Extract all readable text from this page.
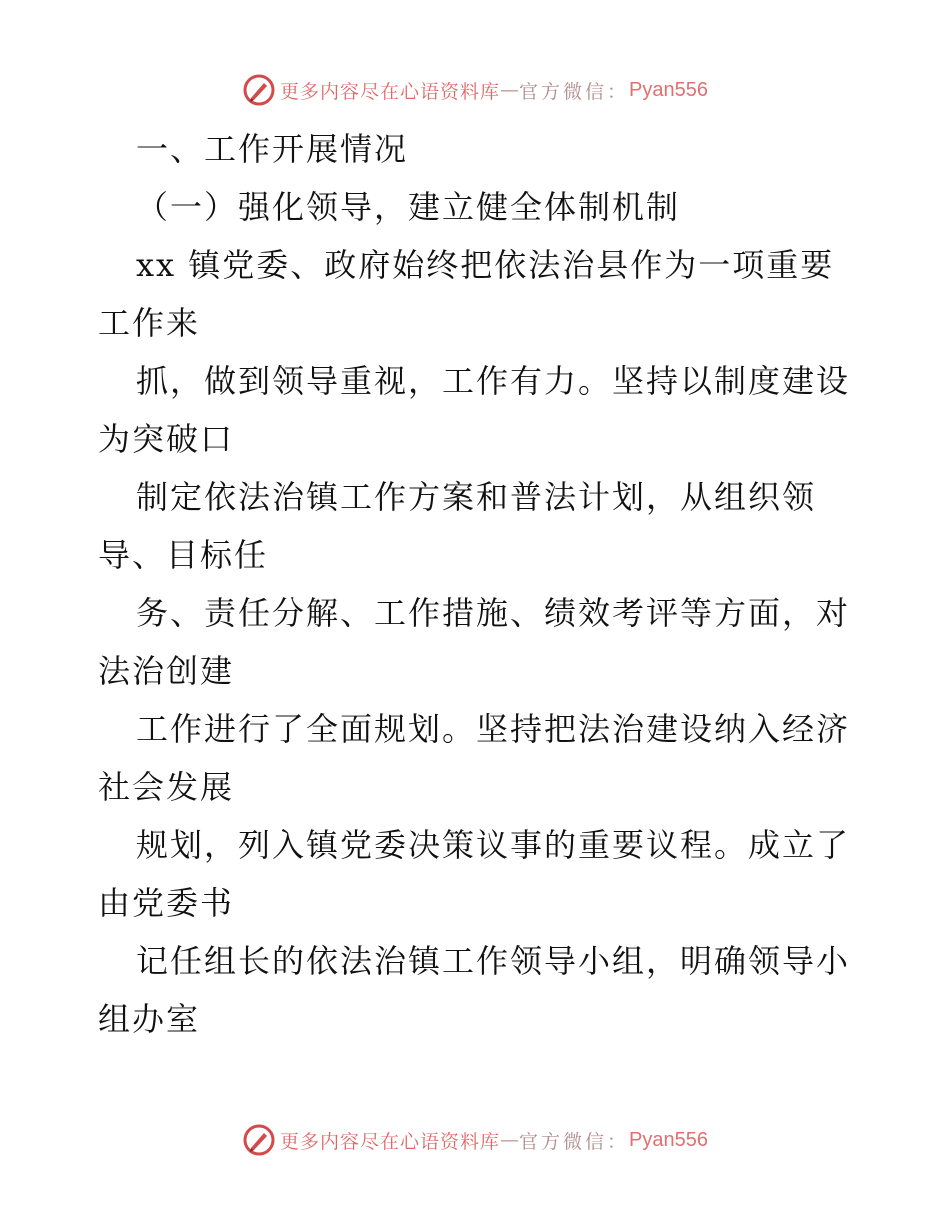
更多内容尽在心语资料库 — 官方微信： Pyan556
一、工作开展情况
（一）强化领导，建立健全体制机制
xx 镇党委、政府始终把依法治县作为一项重要
工作来
抓，做到领导重视，工作有力。坚持以制度建设
为突破口
制定依法治镇工作方案和普法计划，从组织领
导、目标任
务、责任分解、工作措施、绩效考评等方面，对
法治创建
工作进行了全面规划。坚持把法治建设纳入经济
社会发展
规划，列入镇党委决策议事的重要议程。成立了
由党委书
记任组长的依法治镇工作领导小组，明确领导小
组办室
更多内容尽在心语资料库 — 官方微信： Pyan556
